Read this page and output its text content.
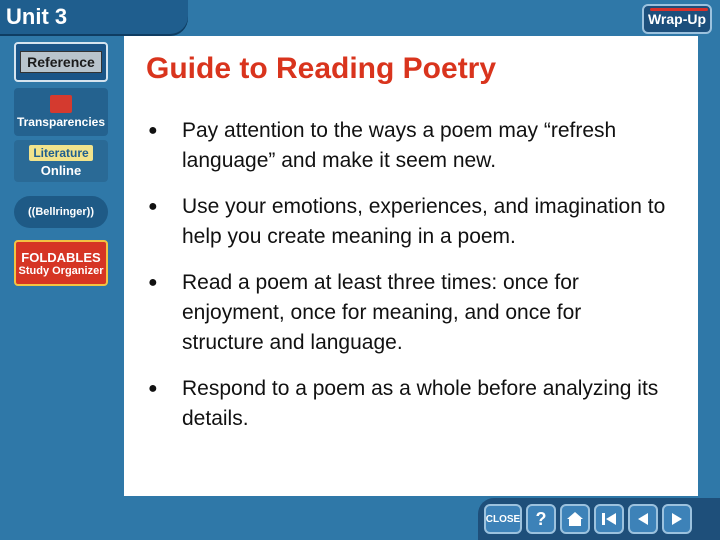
Unit 3	Wrap-Up
Reference
Transparencies
Literature
Online
((Bellringer))
FOLDABLES
Study Organizer
Guide to Reading Poetry
● Pay attention to the ways a poem may “refresh language” and make it seem new.
● Use your emotions, experiences, and imagination to help you create meaning in a poem.
● Read a poem at least three times: once for enjoyment, once for meaning, and once for structure and language.
● Respond to a poem as a whole before analyzing its details.
CLOSE ?
